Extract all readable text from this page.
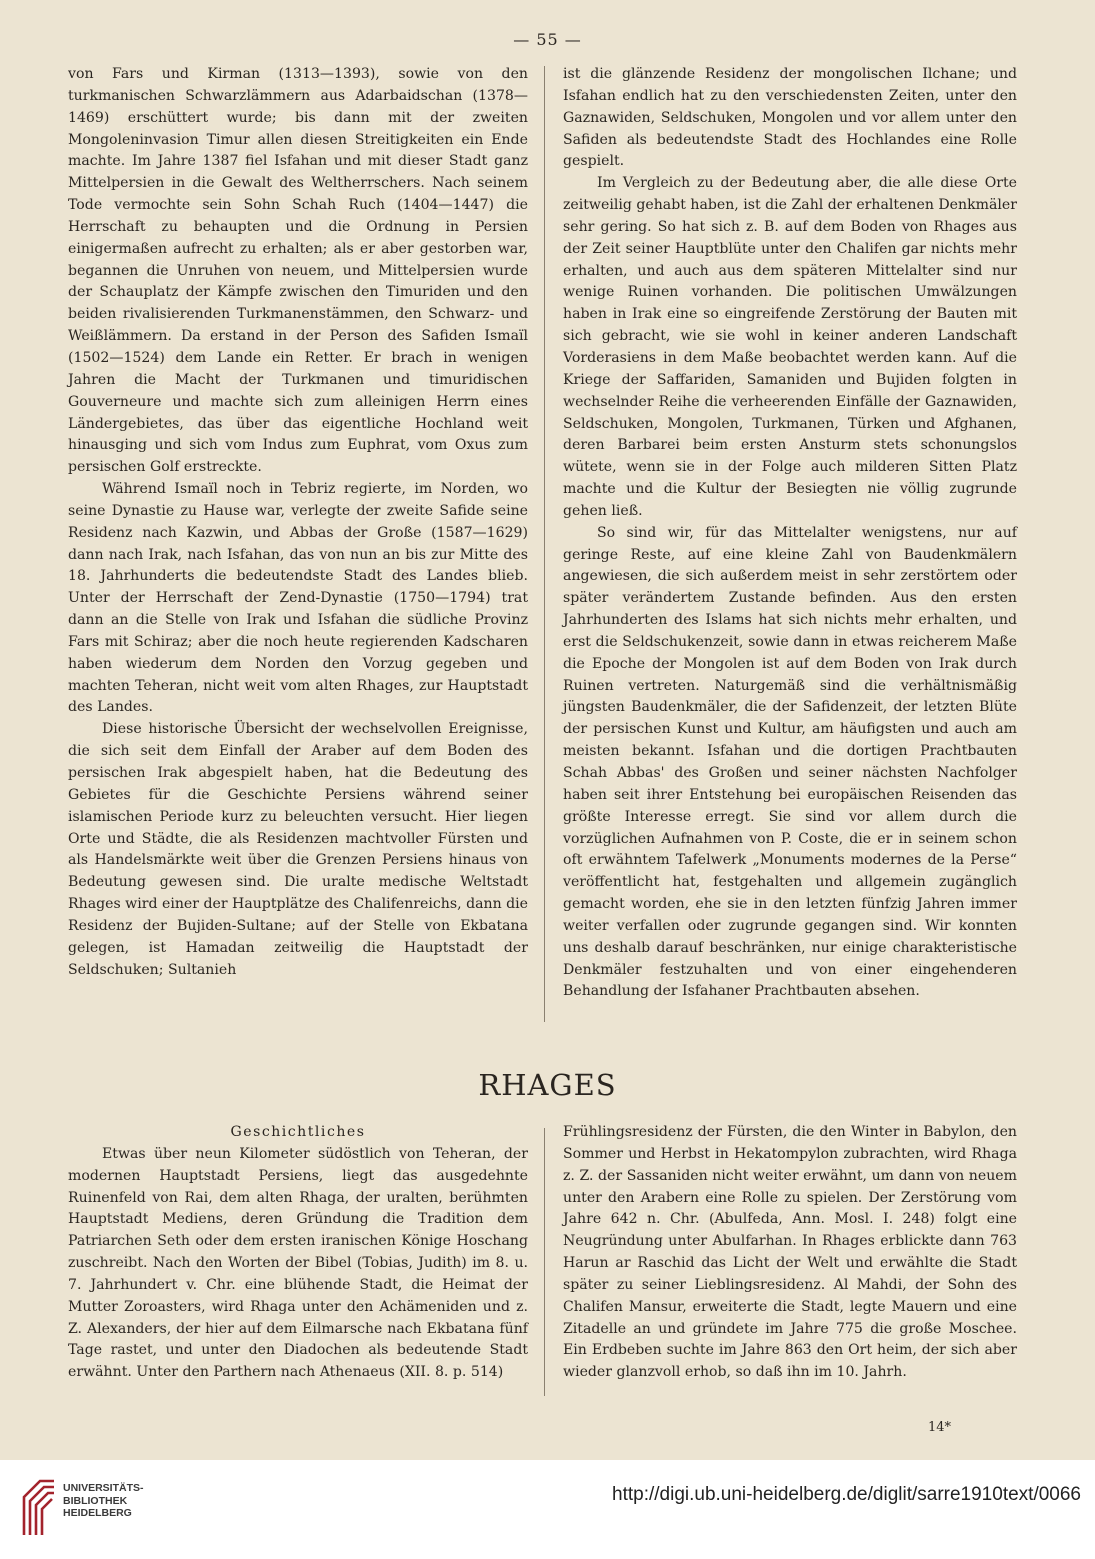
— 55 —

von Fars und Kirman (1313—1393), sowie von den turkmanischen Schwarzlämmern aus Adarbaidschan (1378—1469) erschüttert wurde; bis dann mit der zweiten Mongoleninvasion Timur allen diesen Streitigkeiten ein Ende machte. Im Jahre 1387 fiel Isfahan und mit dieser Stadt ganz Mittelpersien in die Gewalt des Weltherrschers. Nach seinem Tode vermochte sein Sohn Schah Ruch (1404—1447) die Herrschaft zu behaupten und die Ordnung in Persien einigermaßen aufrecht zu erhalten; als er aber gestorben war, begannen die Unruhen von neuem, und Mittelpersien wurde der Schauplatz der Kämpfe zwischen den Timuriden und den beiden rivalisierenden Turkmanenstämmen, den Schwarz- und Weißlämmern. Da erstand in der Person des Safiden Ismaïl (1502—1524) dem Lande ein Retter. Er brach in wenigen Jahren die Macht der Turkmanen und timuridischen Gouverneure und machte sich zum alleinigen Herrn eines Ländergebietes, das über das eigentliche Hochland weit hinausging und sich vom Indus zum Euphrat, vom Oxus zum persischen Golf erstreckte.

Während Ismaïl noch in Tebriz regierte, im Norden, wo seine Dynastie zu Hause war, verlegte der zweite Safide seine Residenz nach Kazwin, und Abbas der Große (1587—1629) dann nach Irak, nach Isfahan, das von nun an bis zur Mitte des 18. Jahrhunderts die bedeutendste Stadt des Landes blieb. Unter der Herrschaft der Zend-Dynastie (1750—1794) trat dann an die Stelle von Irak und Isfahan die südliche Provinz Fars mit Schiraz; aber die noch heute regierenden Kadscharen haben wiederum dem Norden den Vorzug gegeben und machten Teheran, nicht weit vom alten Rhages, zur Hauptstadt des Landes.

Diese historische Übersicht der wechselvollen Ereignisse, die sich seit dem Einfall der Araber auf dem Boden des persischen Irak abgespielt haben, hat die Bedeutung des Gebietes für die Geschichte Persiens während seiner islamischen Periode kurz zu beleuchten versucht. Hier liegen Orte und Städte, die als Residenzen machtvoller Fürsten und als Handelsmärkte weit über die Grenzen Persiens hinaus von Bedeutung gewesen sind. Die uralte medische Weltstadt Rhages wird einer der Hauptplätze des Chalifenreichs, dann die Residenz der Bujiden-Sultane; auf der Stelle von Ekbatana gelegen, ist Hamadan zeitweilig die Hauptstadt der Seldschuken; Sultanieh

ist die glänzende Residenz der mongolischen Ilchane; und Isfahan endlich hat zu den verschiedensten Zeiten, unter den Gaznawiden, Seldschuken, Mongolen und vor allem unter den Safiden als bedeutendste Stadt des Hochlandes eine Rolle gespielt.

Im Vergleich zu der Bedeutung aber, die alle diese Orte zeitweilig gehabt haben, ist die Zahl der erhaltenen Denkmäler sehr gering. So hat sich z. B. auf dem Boden von Rhages aus der Zeit seiner Hauptblüte unter den Chalifen gar nichts mehr erhalten, und auch aus dem späteren Mittelalter sind nur wenige Ruinen vorhanden. Die politischen Umwälzungen haben in Irak eine so eingreifende Zerstörung der Bauten mit sich gebracht, wie sie wohl in keiner anderen Landschaft Vorderasiens in dem Maße beobachtet werden kann. Auf die Kriege der Saffariden, Samaniden und Bujiden folgten in wechselnder Reihe die verheerenden Einfälle der Gaznawiden, Seldschuken, Mongolen, Turkmanen, Türken und Afghanen, deren Barbarei beim ersten Ansturm stets schonungslos wütete, wenn sie in der Folge auch milderen Sitten Platz machte und die Kultur der Besiegten nie völlig zugrunde gehen ließ.

So sind wir, für das Mittelalter wenigstens, nur auf geringe Reste, auf eine kleine Zahl von Baudenkmälern angewiesen, die sich außerdem meist in sehr zerstörtem oder später verändertem Zustande befinden. Aus den ersten Jahrhunderten des Islams hat sich nichts mehr erhalten, und erst die Seldschukenzeit, sowie dann in etwas reicherem Maße die Epoche der Mongolen ist auf dem Boden von Irak durch Ruinen vertreten. Naturgemäß sind die verhältnismäßig jüngsten Baudenkmäler, die der Safidenzeit, der letzten Blüte der persischen Kunst und Kultur, am häufigsten und auch am meisten bekannt. Isfahan und die dortigen Prachtbauten Schah Abbas' des Großen und seiner nächsten Nachfolger haben seit ihrer Entstehung bei europäischen Reisenden das größte Interesse erregt. Sie sind vor allem durch die vorzüglichen Aufnahmen von P. Coste, die er in seinem schon oft erwähntem Tafelwerk „Monuments modernes de la Perse“ veröffentlicht hat, festgehalten und allgemein zugänglich gemacht worden, ehe sie in den letzten fünfzig Jahren immer weiter verfallen oder zugrunde gegangen sind. Wir konnten uns deshalb darauf beschränken, nur einige charakteristische Denkmäler festzuhalten und von einer eingehenderen Behandlung der Isfahaner Prachtbauten absehen.

RHAGES

Geschichtliches

Etwas über neun Kilometer südöstlich von Teheran, der modernen Hauptstadt Persiens, liegt das ausgedehnte Ruinenfeld von Rai, dem alten Rhaga, der uralten, berühmten Hauptstadt Mediens, deren Gründung die Tradition dem Patriarchen Seth oder dem ersten iranischen Könige Hoschang zuschreibt. Nach den Worten der Bibel (Tobias, Judith) im 8. u. 7. Jahrhundert v. Chr. eine blühende Stadt, die Heimat der Mutter Zoroasters, wird Rhaga unter den Achämeniden und z. Z. Alexanders, der hier auf dem Eilmarsche nach Ekbatana fünf Tage rastet, und unter den Diadochen als bedeutende Stadt erwähnt. Unter den Parthern nach Athenaeus (XII. 8. p. 514)

Frühlingsresidenz der Fürsten, die den Winter in Babylon, den Sommer und Herbst in Hekatompylon zubrachten, wird Rhaga z. Z. der Sassaniden nicht weiter erwähnt, um dann von neuem unter den Arabern eine Rolle zu spielen. Der Zerstörung vom Jahre 642 n. Chr. (Abulfeda, Ann. Mosl. I. 248) folgt eine Neugründung unter Abulfarhan. In Rhages erblickte dann 763 Harun ar Raschid das Licht der Welt und erwählte die Stadt später zu seiner Lieblingsresidenz. Al Mahdi, der Sohn des Chalifen Mansur, erweiterte die Stadt, legte Mauern und eine Zitadelle an und gründete im Jahre 775 die große Moschee. Ein Erdbeben suchte im Jahre 863 den Ort heim, der sich aber wieder glanzvoll erhob, so daß ihn im 10. Jahrh.

14*
UNIVERSITÄTS-
BIBLIOTHEK
HEIDELBERG
http://digi.ub.uni-heidelberg.de/diglit/sarre1910text/0066
